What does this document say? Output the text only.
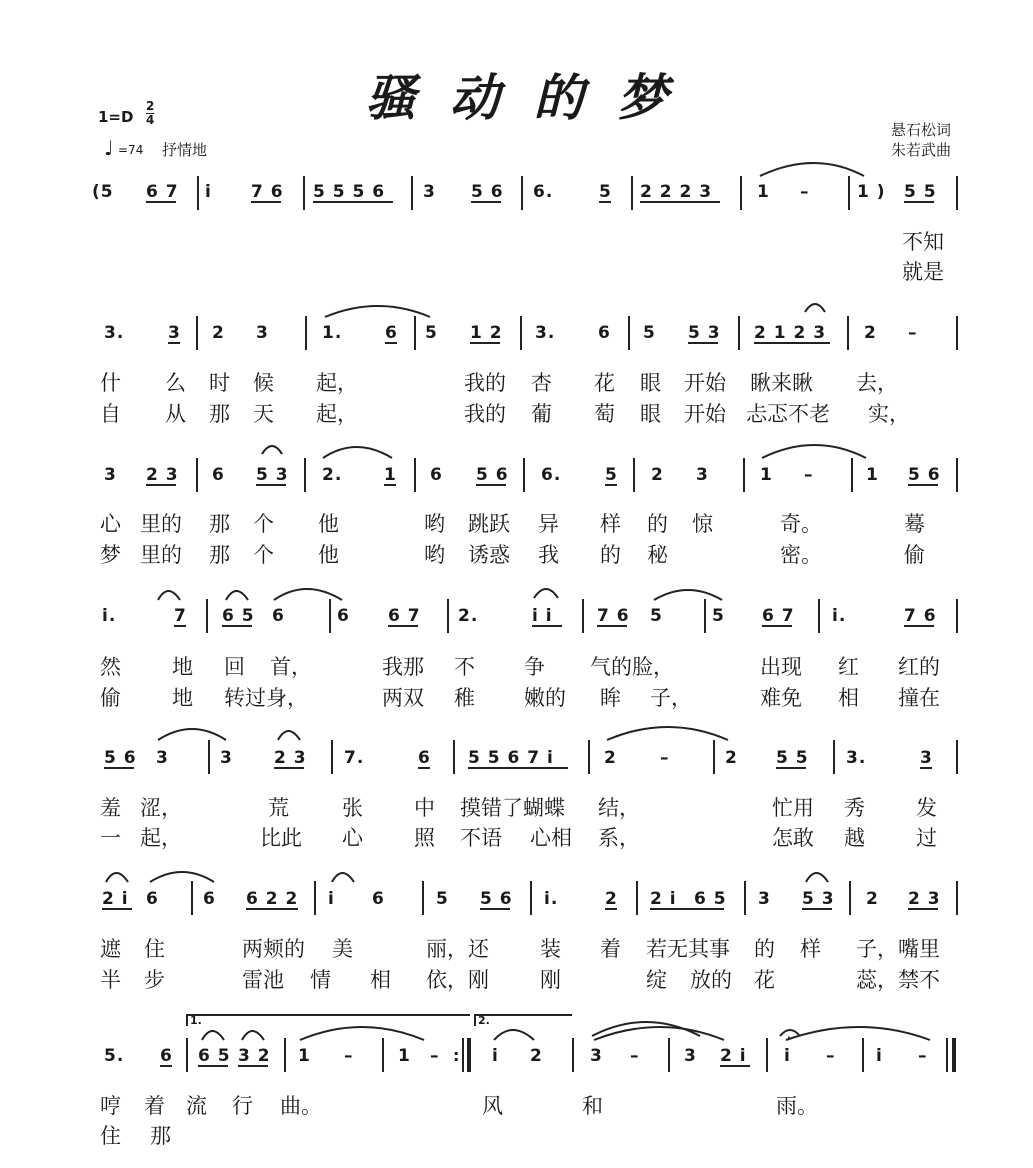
骚动的梦
1=D
2
4
♩ =74 抒情地
悬石松词
朱若武曲
(5 6 7 i 7 6 5 5 5 6 3 5 6 6.	5 2 2 2 3	1 –	1 ) 5 5
不知
就是
3.	3 2 3	1.	6 5 1 2 3.	6 5 5 3 2 1 2 3 2 –
什 么 时 候 起，	我的 杏 花 眼 开始 瞅来瞅 去，
自 从 那 天 起，	我的 葡 萄 眼 开始 忐忑不老 实，
3 2 3 6 5 3 2. 1 6 5 6 6.	5 2 3	1 –	1 5 6
心 里的 那 个 他	哟 跳跃 异 样 的 惊	奇。	蓦
梦 里的 那 个 他	哟 诱惑 我 的 秘	密。	偷
i.	7 6 5 6	6 6 7 2.	i i	7 6 5	5 6 7 i.	7 6
然 地 回 首，	我那 不 争 气的脸，	出现 红 红的
偷 地 转过身，	两双 稚 嫩的 眸 子，	难免 相 撞在
5 6 3	3 2 3 7.	6 5 5 6 7 i	2	–	2 5 5 3.	3
羞 涩，	荒	张 中 摸错了蝴蝶 结，	忙用 秀 发
一 起，	比此 心 照 不语 心相 系，	怎敢 越 过
2 i 6	6 6 2 2 i 6	5 5 6 i.	2 2 i 6 5 3 5 3 2 2 3
遮 住	两颊的 美	丽，还 装 着 若无其事 的 样 子，嘴里
半 步	雷池 情 相 依，刚 刚	绽 放的 花	蕊，禁不
1.	2.
5. 6 6 5 3 2 1 –	1 –	i 2	3 –	3 2 i i – i –
:
·
哼 着 流 行 曲。	风	和	雨。
住 那
